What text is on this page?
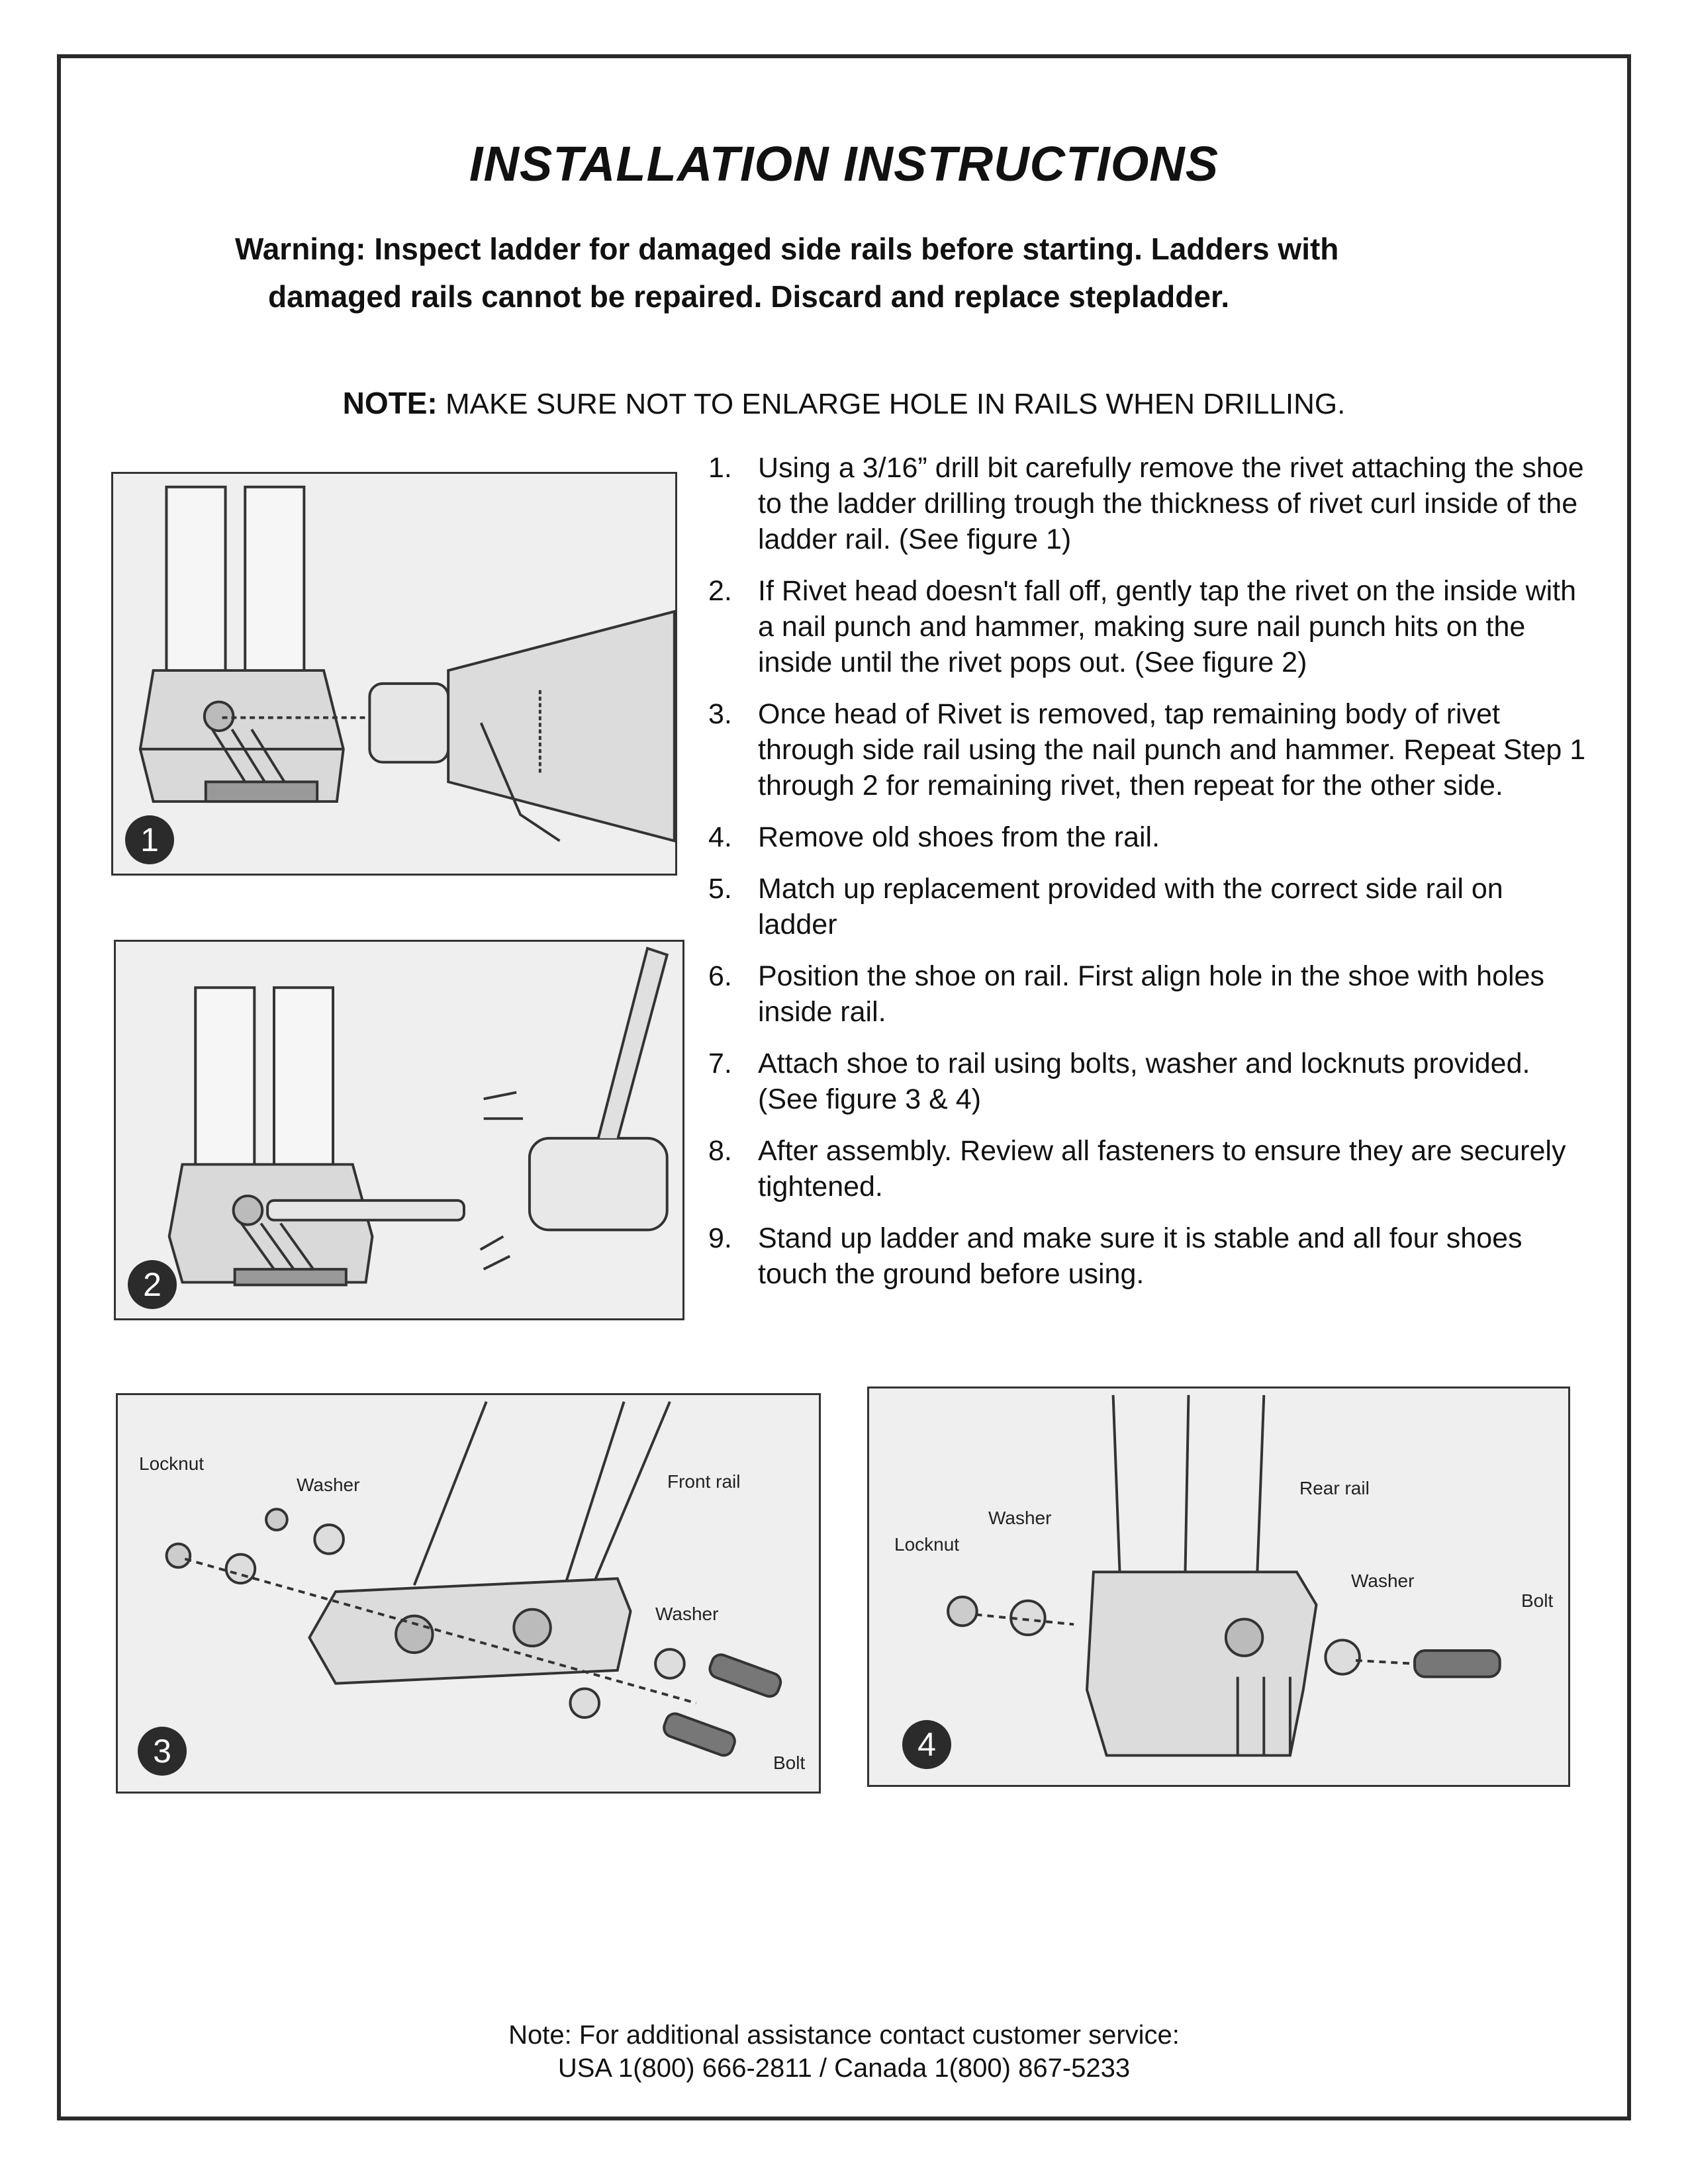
INSTALLATION INSTRUCTIONS

Warning: Inspect ladder for damaged side rails before starting. Ladders with
damaged rails cannot be repaired. Discard and replace stepladder.

NOTE: MAKE SURE NOT TO ENLARGE HOLE IN RAILS WHEN DRILLING.

1. Using a 3/16” drill bit carefully remove the rivet attaching the shoe to the ladder drilling trough the thickness of rivet curl inside of the ladder rail. (See figure 1)
2. If Rivet head doesn't fall off, gently tap the rivet on the inside with a nail punch and hammer, making sure nail punch hits on the inside until the rivet pops out. (See figure 2)
3. Once head of Rivet is removed, tap remaining body of rivet through side rail using the nail punch and hammer. Repeat Step 1 through 2 for remaining rivet, then repeat for the other side.
4. Remove old shoes from the rail.
5. Match up replacement provided with the correct side rail on ladder
6. Position the shoe on rail. First align hole in the shoe with holes inside rail.
7. Attach shoe to rail using bolts, washer and locknuts provided. (See figure 3 & 4)
8. After assembly. Review all fasteners to ensure they are securely tightened.
9. Stand up ladder and make sure it is stable and all four shoes touch the ground before using.
1
2
Locknut
Washer	Front rail
Washer
Bolt
3
Washer
Locknut
Rear rail
Washer
Bolt
4
Note: For additional assistance contact customer service:
USA 1(800) 666-2811 / Canada 1(800) 867-5233
